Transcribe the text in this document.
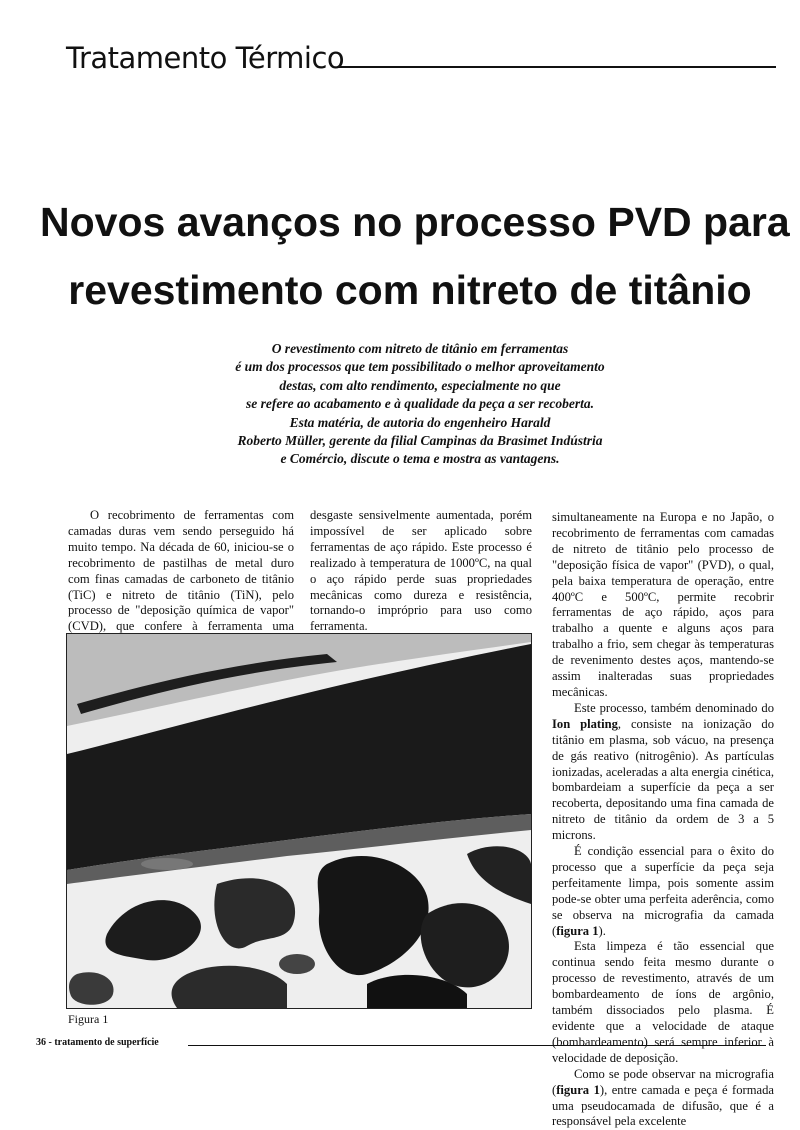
Tratamento Térmico
Novos avanços no processo PVD para
revestimento com nitreto de titânio
O revestimento com nitreto de titânio em ferramentas
é um dos processos que tem possibilitado o melhor aproveitamento
destas, com alto rendimento, especialmente no que
se refere ao acabamento e à qualidade da peça a ser recoberta.
Esta matéria, de autoria do engenheiro Harald
Roberto Müller, gerente da filial Campinas da Brasimet Indústria
e Comércio, discute o tema e mostra as vantagens.

O recobrimento de ferramentas com camadas duras vem sendo perseguido há muito tempo. Na década de 60, iniciou-se o recobrimento de pastilhas de metal duro com finas camadas de carboneto de titânio (TiC) e nitreto de titânio (TiN), pelo processo de "deposição química de vapor" (CVD), que confere à ferramenta uma

desgaste sensivelmente aumentada, porém impossível de ser aplicado sobre ferramentas de aço rápido. Este processo é realizado à temperatura de 1000ºC, na qual o aço rápido perde suas propriedades mecânicas como dureza e resistência, tornando-o impróprio para uso como ferramenta.

simultaneamente na Europa e no Japão, o recobrimento de ferramentas com camadas de nitreto de titânio pelo processo de "deposição física de vapor" (PVD), o qual, pela baixa temperatura de operação, entre 400ºC e 500ºC, permite recobrir ferramentas de aço rápido, aços para trabalho a quente e alguns aços para trabalho a frio, sem chegar às temperaturas de revenimento destes aços, mantendo-se assim inalteradas suas propriedades mecânicas.

Este processo, também denominado do Ion plating, consiste na ionização do titânio em plasma, sob vácuo, na presença de gás reativo (nitrogênio). As partículas ionizadas, aceleradas a alta energia cinética, bombardeiam a superfície da peça a ser recoberta, depositando uma fina camada de nitreto de titânio da ordem de 3 a 5 microns.

É condição essencial para o êxito do processo que a superfície da peça seja perfeitamente limpa, pois somente assim pode-se obter uma perfeita aderência, como se observa na micrografia da camada (figura 1).

Esta limpeza é tão essencial que continua sendo feita mesmo durante o processo de revestimento, através de um bombardeamento de íons de argônio, também dissociados pelo plasma. É evidente que a velocidade de ataque (bombardeamento) será sempre inferior à velocidade de deposição.

Como se pode observar na micrografia (figura 1), entre camada e peça é formada uma pseudocamada de difusão, que é a responsável pela excelente

Figura 1
36 - tratamento de superfície
